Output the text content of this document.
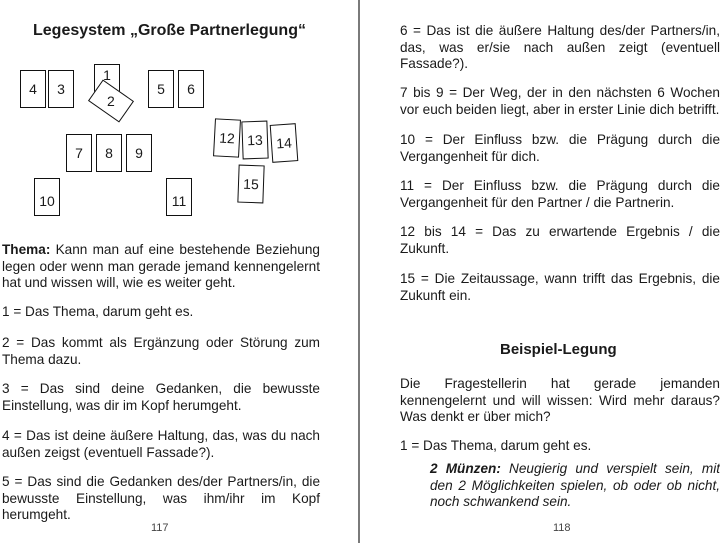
Legesystem „Große Partnerlegung“
4 3
1
2
5 6
7 8 9
10	11
12 13 14
15

Thema: Kann man auf eine bestehende Beziehung legen oder wenn man gerade jemand kennengelernt hat und wissen will, wie es weiter geht.

1 = Das Thema, darum geht es.

2 = Das kommt als Ergänzung oder Störung zum Thema dazu.

3 = Das sind deine Gedanken, die bewusste Einstellung, was dir im Kopf herumgeht.

4 = Das ist deine äußere Haltung, das, was du nach außen zeigst (eventuell Fassade?).

5 = Das sind die Gedanken des/der Partners/in, die bewusste Einstellung, was ihm/ihr im Kopf herumgeht.

117

6 = Das ist die äußere Haltung des/der Partners/in, das, was er/sie nach außen zeigt (eventuell Fassade?).

7 bis 9 = Der Weg, der in den nächsten 6 Wochen vor euch beiden liegt, aber in erster Linie dich betrifft.

10 = Der Einfluss bzw. die Prägung durch die Vergangenheit für dich.

11 = Der Einfluss bzw. die Prägung durch die Vergangenheit für den Partner / die Partnerin.

12 bis 14 = Das zu erwartende Ergebnis / die Zukunft.

15 = Die Zeitaussage, wann trifft das Ergebnis, die Zukunft ein.

Beispiel-Legung

Die Fragestellerin hat gerade jemanden kennengelernt und will wissen: Wird mehr daraus? Was denkt er über mich?

1 = Das Thema, darum geht es.

2 Münzen: Neugierig und verspielt sein, mit den 2 Möglichkeiten spielen, ob oder ob nicht, noch schwankend sein.

118
